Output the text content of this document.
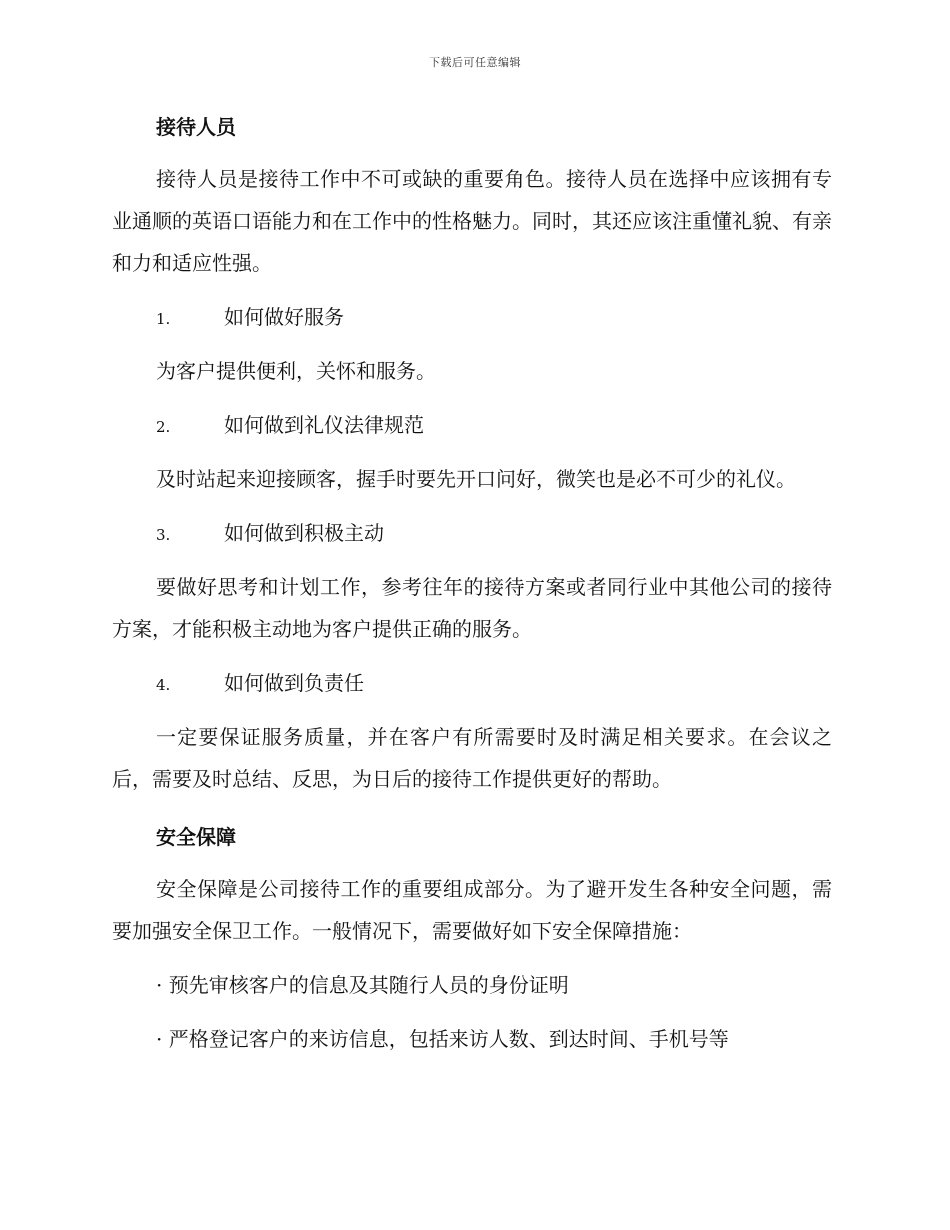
下载后可任意编辑
接待人员

接待人员是接待工作中不可或缺的重要角色。接待人员在选择中应该拥有专业通顺的英语口语能力和在工作中的性格魅力。同时，其还应该注重懂礼貌、有亲和力和适应性强。

1.	如何做好服务

为客户提供便利，关怀和服务。

2.	如何做到礼仪法律规范

及时站起来迎接顾客，握手时要先开口问好，微笑也是必不可少的礼仪。

3.	如何做到积极主动

要做好思考和计划工作，参考往年的接待方案或者同行业中其他公司的接待方案，才能积极主动地为客户提供正确的服务。

4.	如何做到负责任

一定要保证服务质量，并在客户有所需要时及时满足相关要求。在会议之后，需要及时总结、反思，为日后的接待工作提供更好的帮助。

安全保障

安全保障是公司接待工作的重要组成部分。为了避开发生各种安全问题，需要加强安全保卫工作。一般情况下，需要做好如下安全保障措施：

· 预先审核客户的信息及其随行人员的身份证明
· 严格登记客户的来访信息，包括来访人数、到达时间、手机号等
